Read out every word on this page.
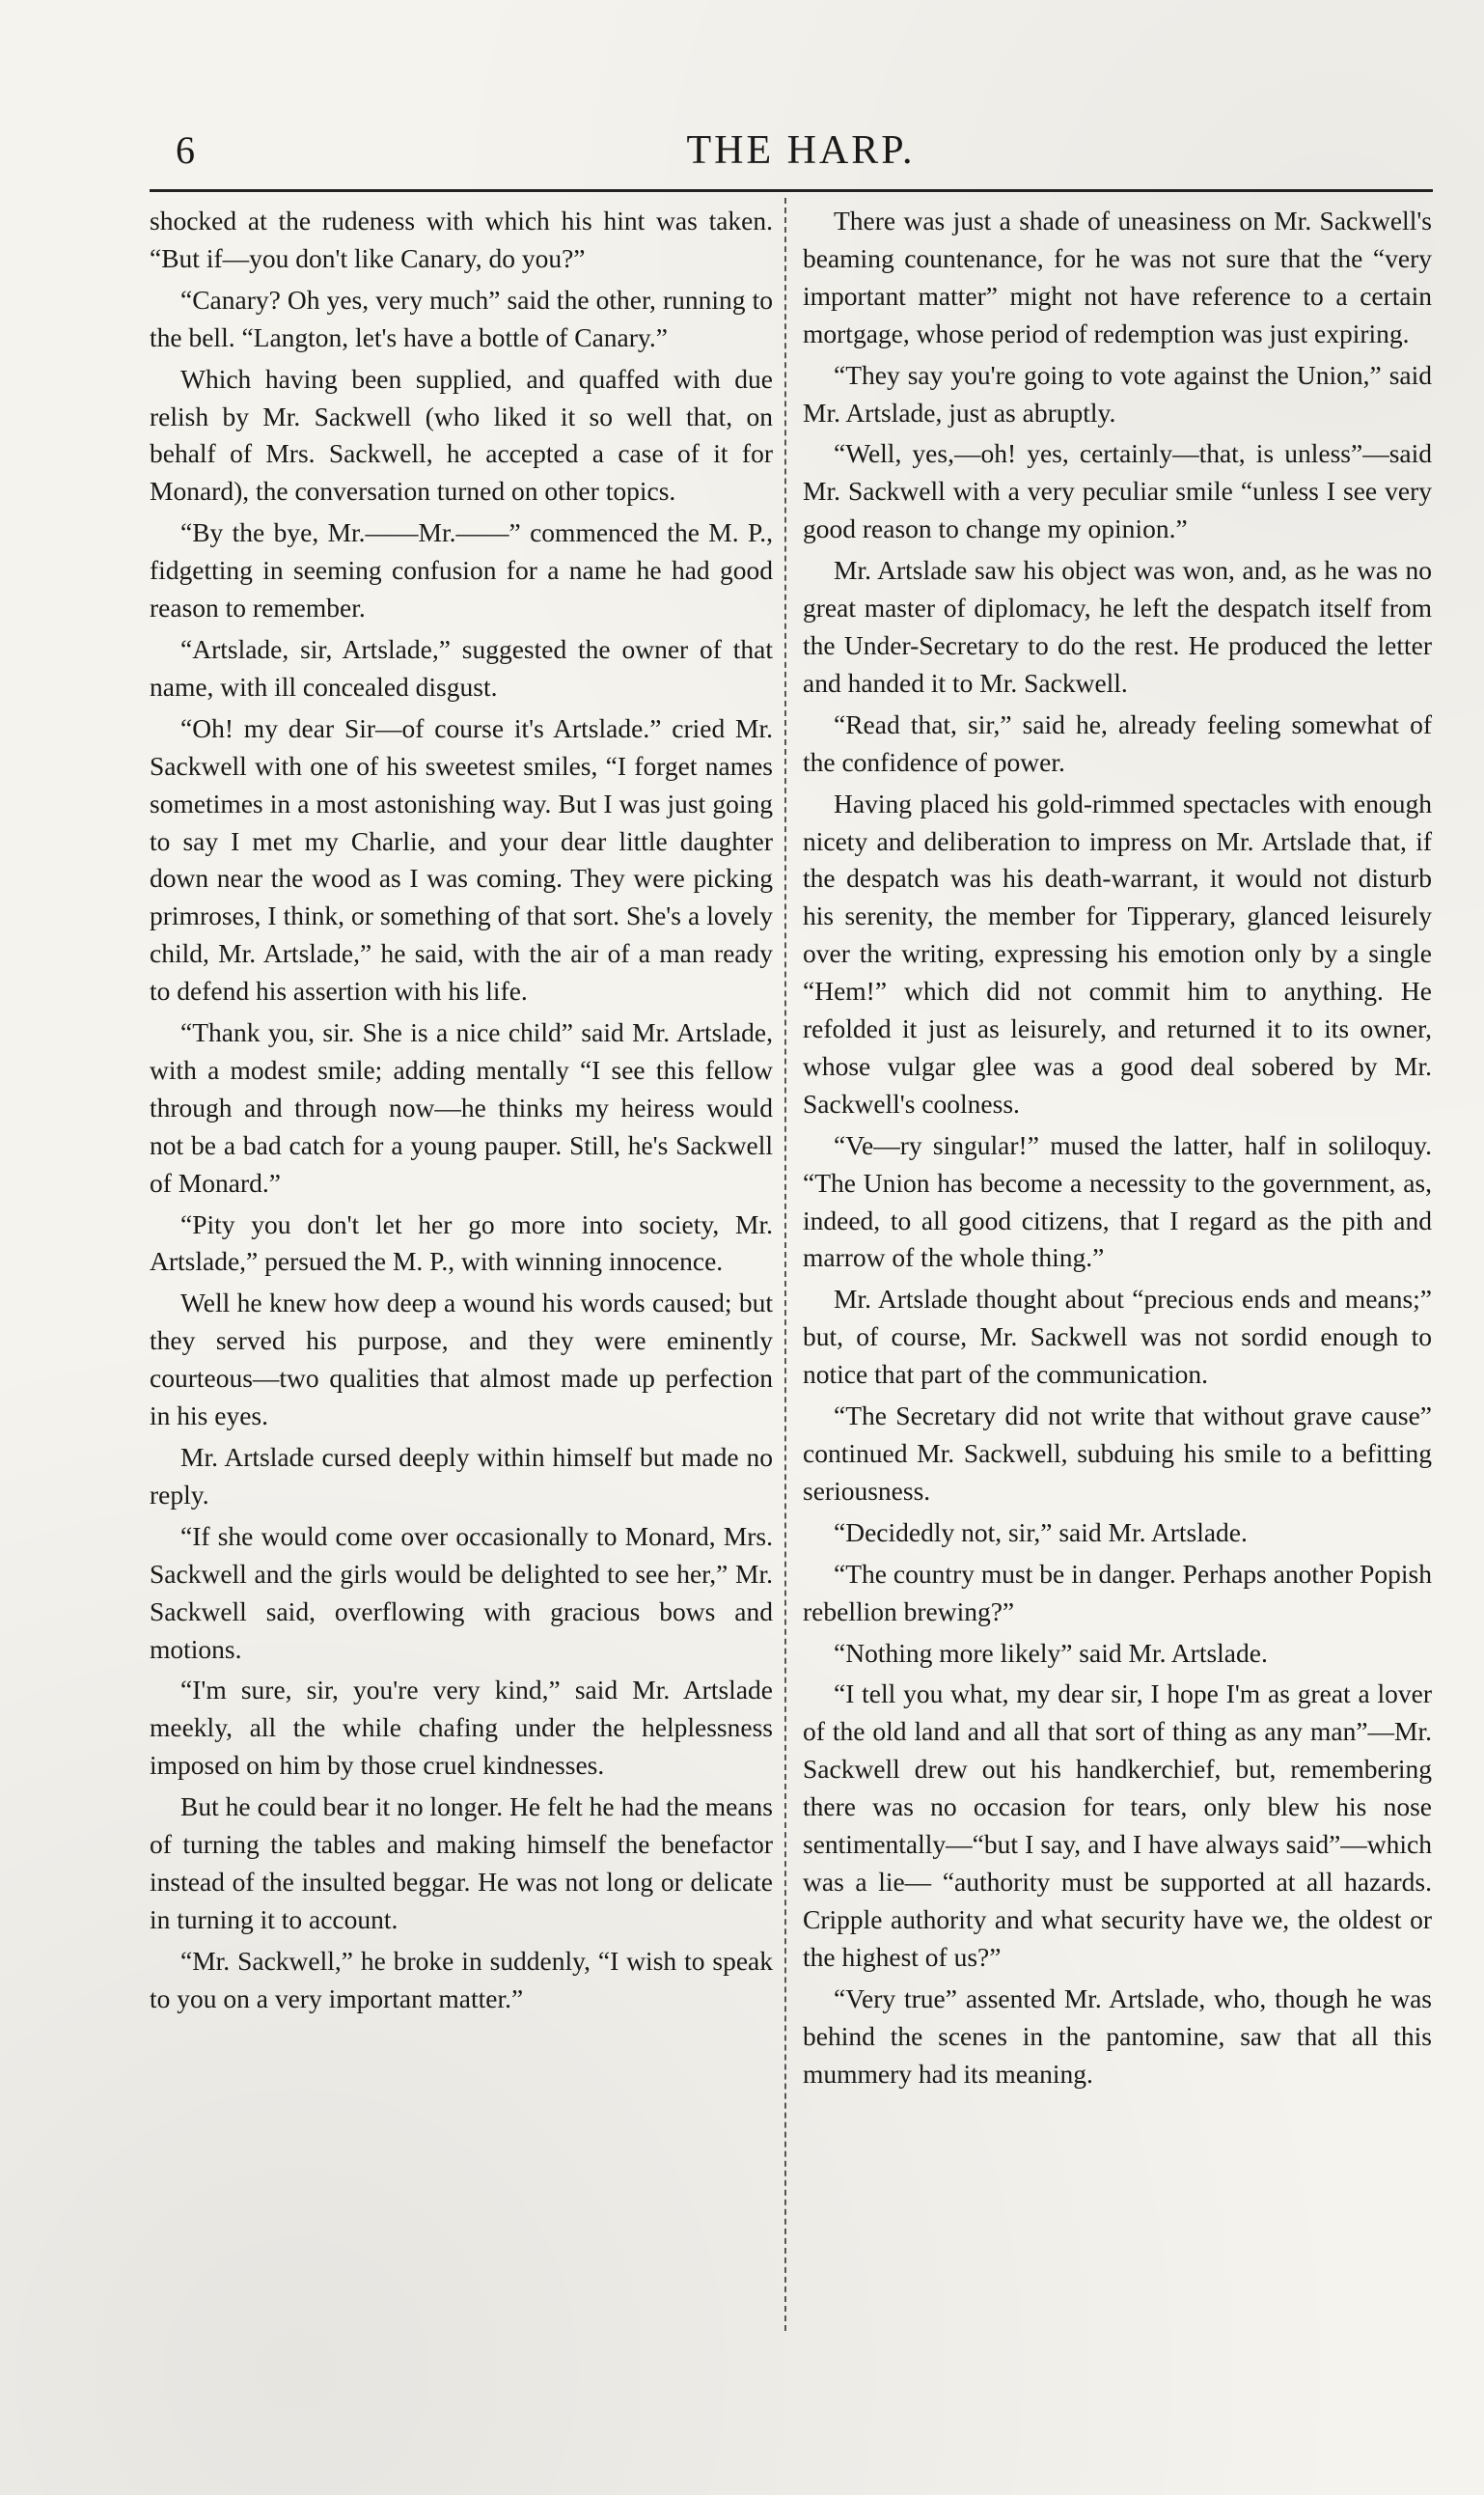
6	THE HARP.

shocked at the rudeness with which his hint was taken. “But if—you don't like Canary, do you?”

“Canary? Oh yes, very much” said the other, running to the bell. “Langton, let's have a bottle of Canary.”

Which having been supplied, and quaffed with due relish by Mr. Sackwell (who liked it so well that, on behalf of Mrs. Sackwell, he accepted a case of it for Monard), the conversation turned on other topics.

“By the bye, Mr.——Mr.——” commenced the M. P., fidgetting in seeming confusion for a name he had good reason to remember.

“Artslade, sir, Artslade,” suggested the owner of that name, with ill concealed disgust.

“Oh! my dear Sir—of course it's Artslade.” cried Mr. Sackwell with one of his sweetest smiles, “I forget names sometimes in a most astonishing way. But I was just going to say I met my Charlie, and your dear little daughter down near the wood as I was coming. They were picking primroses, I think, or something of that sort. She's a lovely child, Mr. Artslade,” he said, with the air of a man ready to defend his assertion with his life.

“Thank you, sir. She is a nice child” said Mr. Artslade, with a modest smile; adding mentally “I see this fellow through and through now—he thinks my heiress would not be a bad catch for a young pauper. Still, he's Sackwell of Monard.”

“Pity you don't let her go more into society, Mr. Artslade,” persued the M. P., with winning innocence.

Well he knew how deep a wound his words caused; but they served his purpose, and they were eminently courteous—two qualities that almost made up perfection in his eyes.

Mr. Artslade cursed deeply within himself but made no reply.

“If she would come over occasionally to Monard, Mrs. Sackwell and the girls would be delighted to see her,” Mr. Sackwell said, overflowing with gracious bows and motions.

“I'm sure, sir, you're very kind,” said Mr. Artslade meekly, all the while chafing under the helplessness imposed on him by those cruel kindnesses.

But he could bear it no longer. He felt he had the means of turning the tables and making himself the benefactor instead of the insulted beggar. He was not long or delicate in turning it to account.

“Mr. Sackwell,” he broke in suddenly, “I wish to speak to you on a very important matter.”

There was just a shade of uneasiness on Mr. Sackwell's beaming countenance, for he was not sure that the “very important matter” might not have reference to a certain mortgage, whose period of redemption was just expiring.

“They say you're going to vote against the Union,” said Mr. Artslade, just as abruptly.

“Well, yes,—oh! yes, certainly—that, is unless”—said Mr. Sackwell with a very peculiar smile “unless I see very good reason to change my opinion.”

Mr. Artslade saw his object was won, and, as he was no great master of diplomacy, he left the despatch itself from the Under-Secretary to do the rest. He produced the letter and handed it to Mr. Sackwell.

“Read that, sir,” said he, already feeling somewhat of the confidence of power.

Having placed his gold-rimmed spectacles with enough nicety and deliberation to impress on Mr. Artslade that, if the despatch was his death-warrant, it would not disturb his serenity, the member for Tipperary, glanced leisurely over the writing, expressing his emotion only by a single “Hem!” which did not commit him to anything. He refolded it just as leisurely, and returned it to its owner, whose vulgar glee was a good deal sobered by Mr. Sackwell's coolness.

“Ve—ry singular!” mused the latter, half in soliloquy. “The Union has become a necessity to the government, as, indeed, to all good citizens, that I regard as the pith and marrow of the whole thing.”

Mr. Artslade thought about “precious ends and means;” but, of course, Mr. Sackwell was not sordid enough to notice that part of the communication.

“The Secretary did not write that without grave cause” continued Mr. Sackwell, subduing his smile to a befitting seriousness.

“Decidedly not, sir,” said Mr. Artslade.

“The country must be in danger. Perhaps another Popish rebellion brewing?”

“Nothing more likely” said Mr. Artslade.

“I tell you what, my dear sir, I hope I'm as great a lover of the old land and all that sort of thing as any man”—Mr. Sackwell drew out his handkerchief, but, remembering there was no occasion for tears, only blew his nose sentimentally—“but I say, and I have always said”—which was a lie— “authority must be supported at all hazards. Cripple authority and what security have we, the oldest or the highest of us?”

“Very true” assented Mr. Artslade, who, though he was behind the scenes in the pantomine, saw that all this mummery had its meaning.
